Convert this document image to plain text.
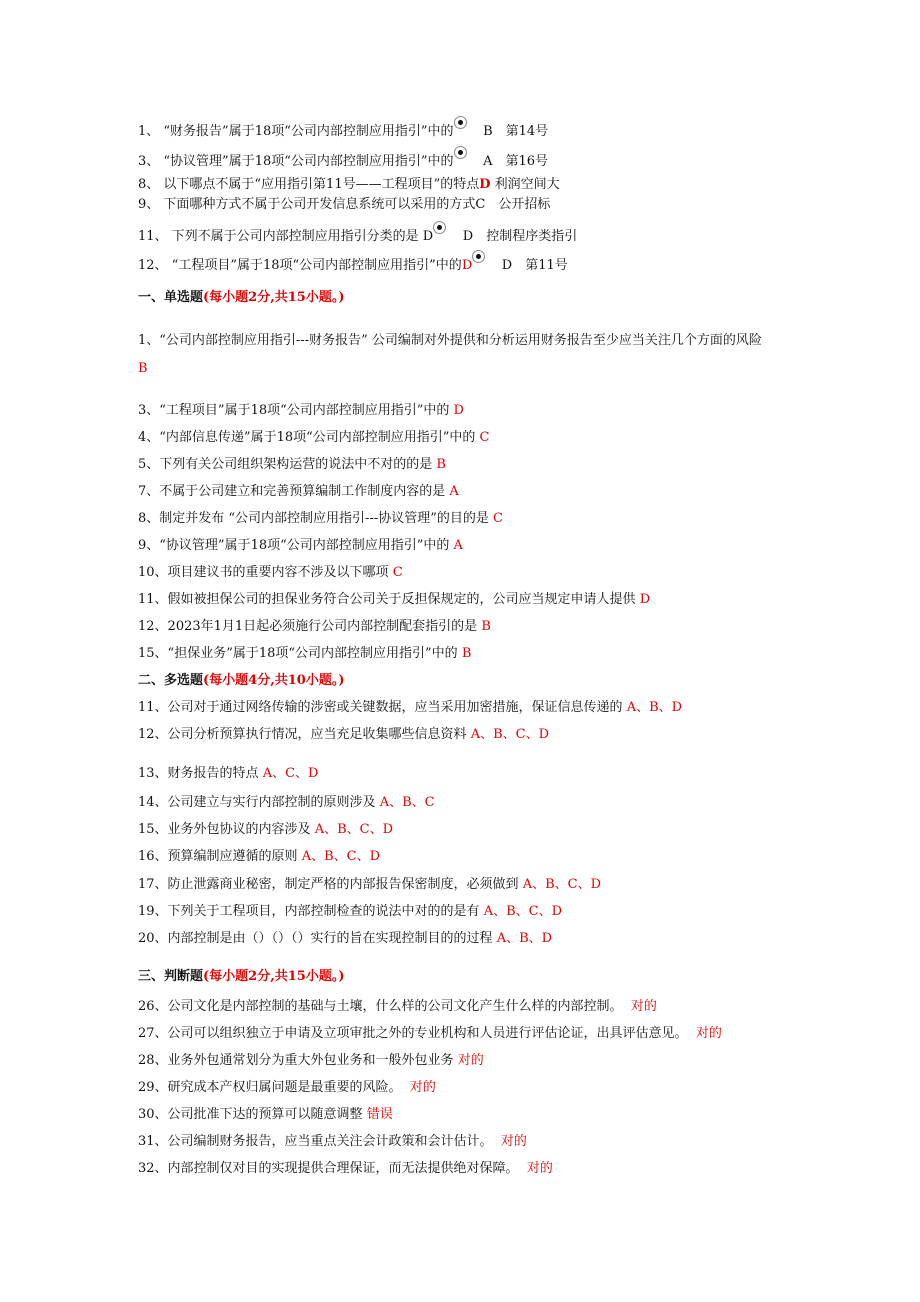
1、 “财务报告”属于18项“公司内部控制应用指引”中的 B　第14号
3、 “协议管理”属于18项“公司内部控制应用指引”中的 A　第16号
8、 以下哪点不属于“应用指引第11号——工程项目”的特点D 利润空间大
9、 下面哪种方式不属于公司开发信息系统可以采用的方式C　公开招标
11、 下列不属于公司内部控制应用指引分类的是 D D　控制程序类指引
12、 “工程项目”属于18项“公司内部控制应用指引”中的D D　第11号
一、单选题(每小题2分,共15小题。)
1、“公司内部控制应用指引---财务报告” 公司编制对外提供和分析运用财务报告至少应当关注几个方面的风险
B
3、“工程项目”属于18项“公司内部控制应用指引”中的 D
4、“内部信息传递”属于18项“公司内部控制应用指引”中的 C
5、下列有关公司组织架构运营的说法中不对的的是 B
7、不属于公司建立和完善预算编制工作制度内容的是 A
8、制定并发布 “公司内部控制应用指引---协议管理”的目的是 C
9、“协议管理”属于18项“公司内部控制应用指引”中的 A
10、项目建议书的重要内容不涉及以下哪项 C
11、假如被担保公司的担保业务符合公司关于反担保规定的，公司应当规定申请人提供 D
12、2023年1月1日起必须施行公司内部控制配套指引的是 B
15、“担保业务”属于18项“公司内部控制应用指引”中的 B
二、多选题(每小题4分,共10小题。)
11、公司对于通过网络传输的涉密或关键数据，应当采用加密措施，保证信息传递的 A、B、D
12、公司分析预算执行情况，应当充足收集哪些信息资料 A、B、C、D
13、财务报告的特点 A、C、D
14、公司建立与实行内部控制的原则涉及 A、B、C
15、业务外包协议的内容涉及 A、B、C、D
16、预算编制应遵循的原则 A、B、C、D
17、防止泄露商业秘密，制定严格的内部报告保密制度，必须做到 A、B、C、D
19、下列关于工程项目，内部控制检查的说法中对的的是有 A、B、C、D
20、内部控制是由（）（）（）实行的旨在实现控制目的的过程 A、B、D
三、判断题(每小题2分,共15小题。)
26、公司文化是内部控制的基础与土壤，什么样的公司文化产生什么样的内部控制。 对的
27、公司可以组织独立于申请及立项审批之外的专业机构和人员进行评估论证，出具评估意见。 对的
28、业务外包通常划分为重大外包业务和一般外包业务 对的
29、研究成本产权归属问题是最重要的风险。 对的
30、公司批准下达的预算可以随意调整 错误
31、公司编制财务报告，应当重点关注会计政策和会计估计。 对的
32、内部控制仅对目的实现提供合理保证，而无法提供绝对保障。 对的
